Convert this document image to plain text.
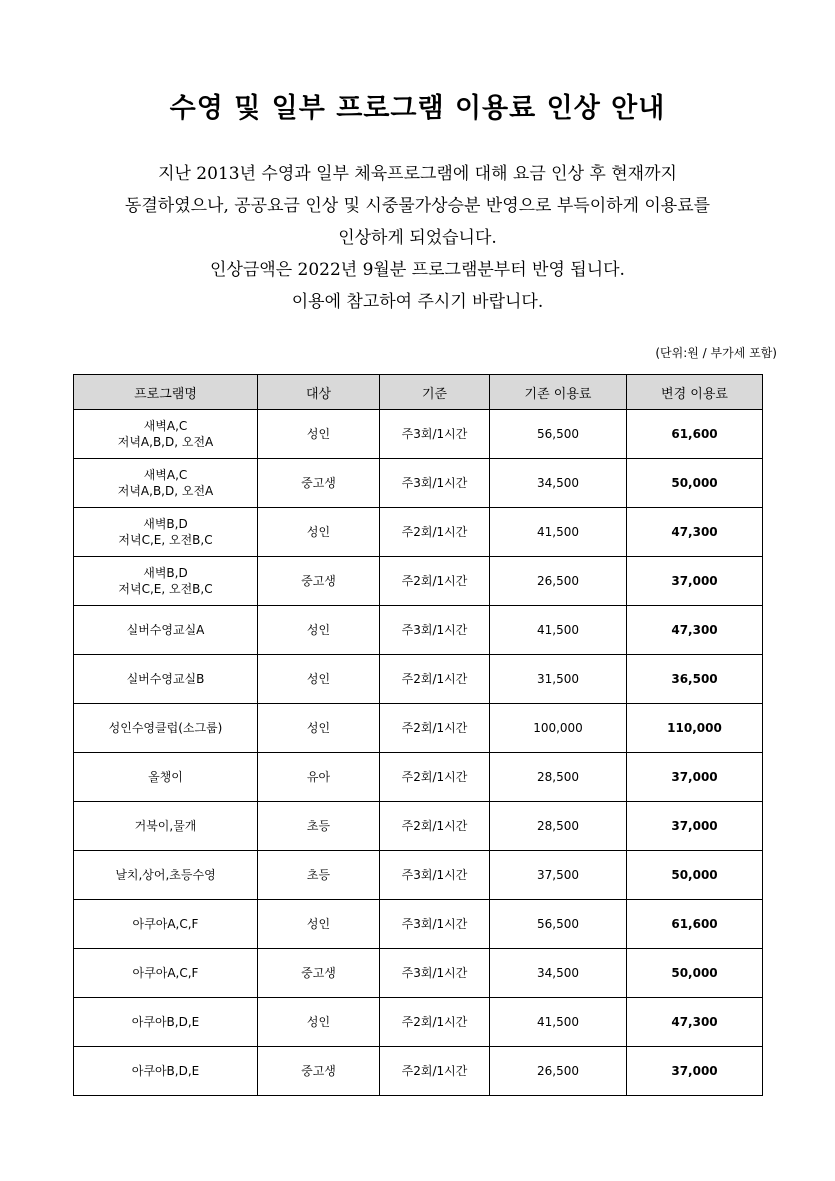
수영 및 일부 프로그램 이용료 인상 안내
지난 2013년 수영과 일부 체육프로그램에 대해 요금 인상 후 현재까지
동결하였으나, 공공요금 인상 및 시중물가상승분 반영으로 부득이하게 이용료를
인상하게 되었습니다.
인상금액은 2022년 9월분 프로그램분부터 반영 됩니다.
이용에 참고하여 주시기 바랍니다.
(단위:원 / 부가세 포함)
프로그램명	대상	기준	기존 이용료	변경 이용료

새벽A,C
저녁A,B,D, 오전A	성인	주3회/1시간	56,500	61,600

새벽A,C
저녁A,B,D, 오전A	중고생	주3회/1시간	34,500	50,000

새벽B,D
저녁C,E, 오전B,C	성인	주2회/1시간	41,500	47,300

새벽B,D
저녁C,E, 오전B,C	중고생	주2회/1시간	26,500	37,000

실버수영교실A	성인	주3회/1시간	41,500	47,300

실버수영교실B	성인	주2회/1시간	31,500	36,500

성인수영클럽(소그룹)	성인	주2회/1시간	100,000	110,000

올챙이	유아	주2회/1시간	28,500	37,000

거북이,물개	초등	주2회/1시간	28,500	37,000

날치,상어,초등수영	초등	주3회/1시간	37,500	50,000

아쿠아A,C,F	성인	주3회/1시간	56,500	61,600

아쿠아A,C,F	중고생	주3회/1시간	34,500	50,000

아쿠아B,D,E	성인	주2회/1시간	41,500	47,300

아쿠아B,D,E	중고생	주2회/1시간	26,500	37,000
